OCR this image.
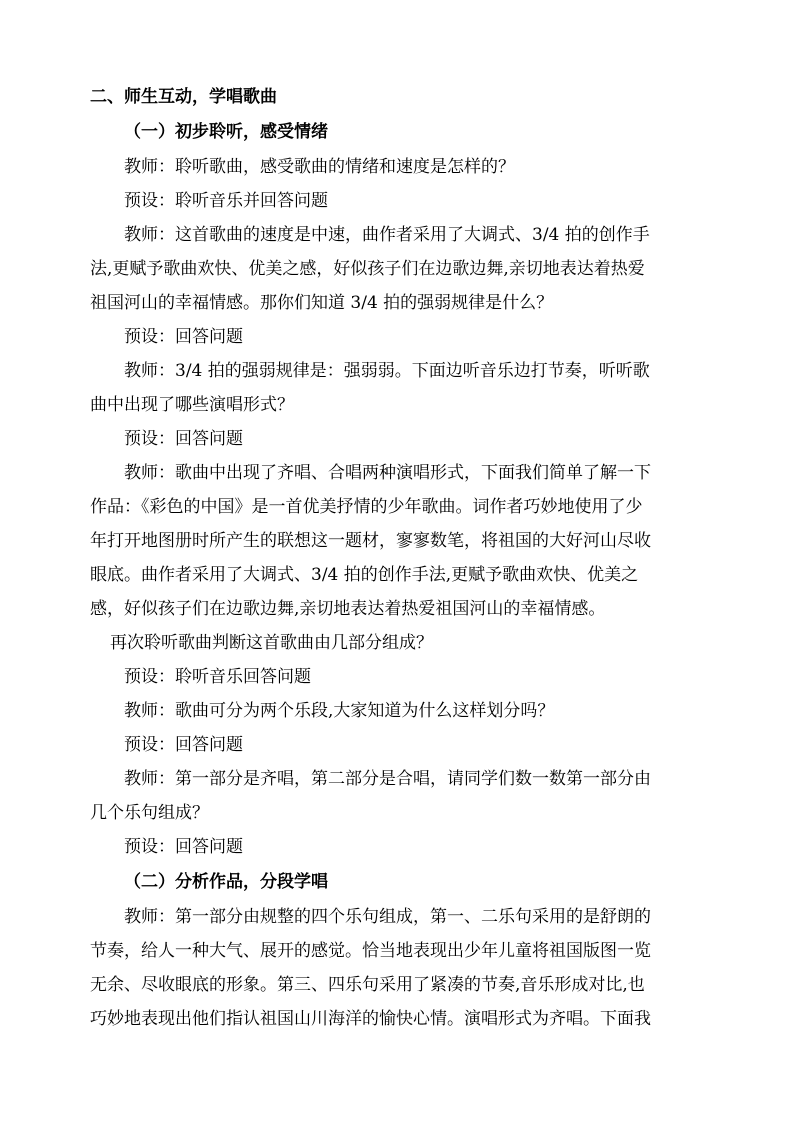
二、师生互动，学唱歌曲
（一）初步聆听，感受情绪
教师：聆听歌曲，感受歌曲的情绪和速度是怎样的？
预设：聆听音乐并回答问题
教师：这首歌曲的速度是中速，曲作者采用了大调式、3/4 拍的创作手
法,更赋予歌曲欢快、优美之感，好似孩子们在边歌边舞,亲切地表达着热爱
祖国河山的幸福情感。那你们知道 3/4 拍的强弱规律是什么？
预设：回答问题
教师：3/4 拍的强弱规律是：强弱弱。下面边听音乐边打节奏，听听歌
曲中出现了哪些演唱形式？
预设：回答问题
教师：歌曲中出现了齐唱、合唱两种演唱形式，下面我们简单了解一下
作品：《彩色的中国》是一首优美抒情的少年歌曲。词作者巧妙地使用了少
年打开地图册时所产生的联想这一题材，寥寥数笔，将祖国的大好河山尽收
眼底。曲作者采用了大调式、3/4 拍的创作手法,更赋予歌曲欢快、优美之
感，好似孩子们在边歌边舞,亲切地表达着热爱祖国河山的幸福情感。
再次聆听歌曲判断这首歌曲由几部分组成？
预设：聆听音乐回答问题
教师：歌曲可分为两个乐段,大家知道为什么这样划分吗？
预设：回答问题
教师：第一部分是齐唱，第二部分是合唱，请同学们数一数第一部分由
几个乐句组成？
预设：回答问题
（二）分析作品，分段学唱
教师：第一部分由规整的四个乐句组成，第一、二乐句采用的是舒朗的
节奏，给人一种大气、展开的感觉。恰当地表现出少年儿童将祖国版图一览
无余、尽收眼底的形象。第三、四乐句采用了紧凑的节奏,音乐形成对比,也
巧妙地表现出他们指认祖国山川海洋的愉快心情。演唱形式为齐唱。下面我
